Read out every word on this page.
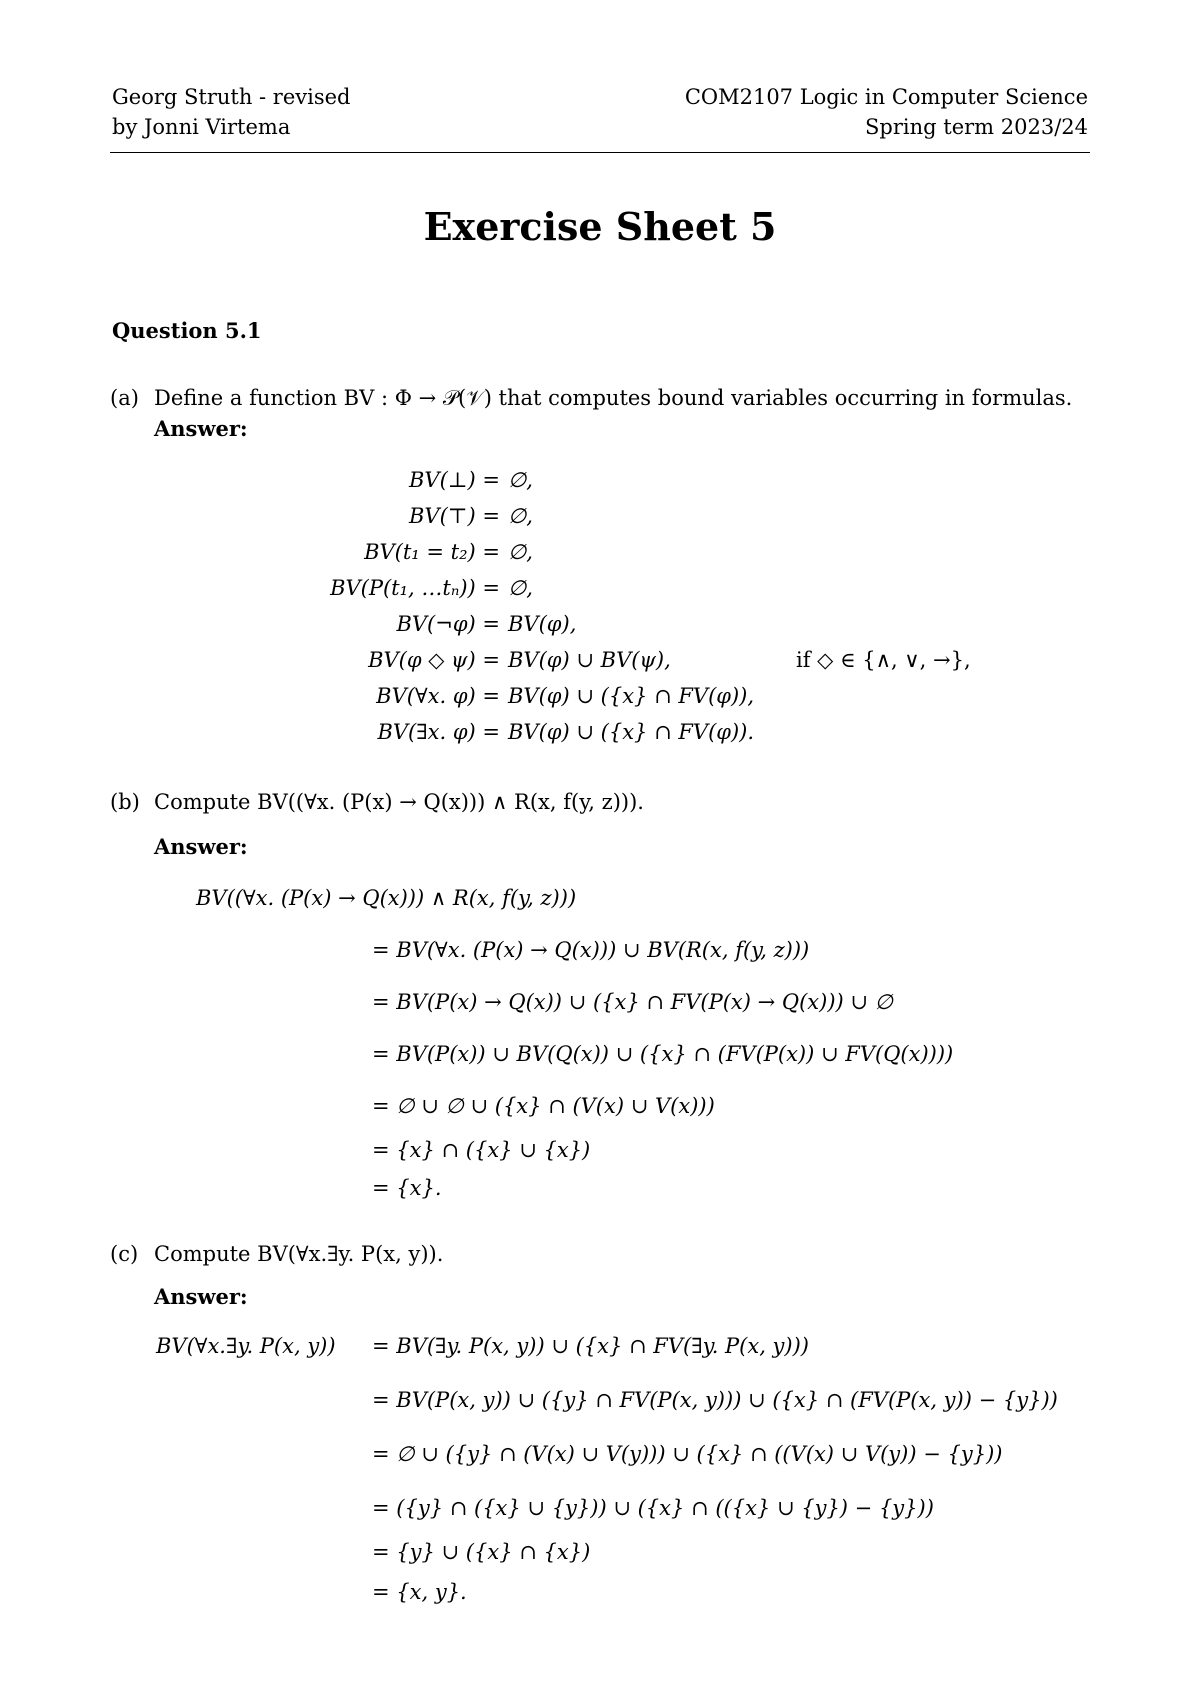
Georg Struth - revised
by Jonni Virtema
COM2107 Logic in Computer Science
Spring term 2023/24
Exercise Sheet 5
Question 5.1
(a) Define a function BV : Φ → 𝒫(𝒱) that computes bound variables occurring in formulas.
Answer:
BV(⊥) = ∅,
BV(⊤) = ∅,
BV(t₁ = t₂) = ∅,
BV(P(t₁, …tₙ)) = ∅,
BV(¬φ) = BV(φ),
BV(φ ◇ ψ) = BV(φ) ∪ BV(ψ),	if ◇ ∈ {∧, ∨, →},
BV(∀x. φ) = BV(φ) ∪ ({x} ∩ FV(φ)),
BV(∃x. φ) = BV(φ) ∪ ({x} ∩ FV(φ)).
(b) Compute BV((∀x. (P(x) → Q(x))) ∧ R(x, f(y, z))).
Answer:
BV((∀x. (P(x) → Q(x))) ∧ R(x, f(y, z)))
= BV(∀x. (P(x) → Q(x))) ∪ BV(R(x, f(y, z)))
= BV(P(x) → Q(x)) ∪ ({x} ∩ FV(P(x) → Q(x))) ∪ ∅
= BV(P(x)) ∪ BV(Q(x)) ∪ ({x} ∩ (FV(P(x)) ∪ FV(Q(x))))
= ∅ ∪ ∅ ∪ ({x} ∩ (V(x) ∪ V(x)))
= {x} ∩ ({x} ∪ {x})
= {x}.
(c) Compute BV(∀x.∃y. P(x, y)).
Answer:
BV(∀x.∃y. P(x, y)) = BV(∃y. P(x, y)) ∪ ({x} ∩ FV(∃y. P(x, y)))
= BV(P(x, y)) ∪ ({y} ∩ FV(P(x, y))) ∪ ({x} ∩ (FV(P(x, y)) − {y}))
= ∅ ∪ ({y} ∩ (V(x) ∪ V(y))) ∪ ({x} ∩ ((V(x) ∪ V(y)) − {y}))
= ({y} ∩ ({x} ∪ {y})) ∪ ({x} ∩ (({x} ∪ {y}) − {y}))
= {y} ∪ ({x} ∩ {x})
= {x, y}.
